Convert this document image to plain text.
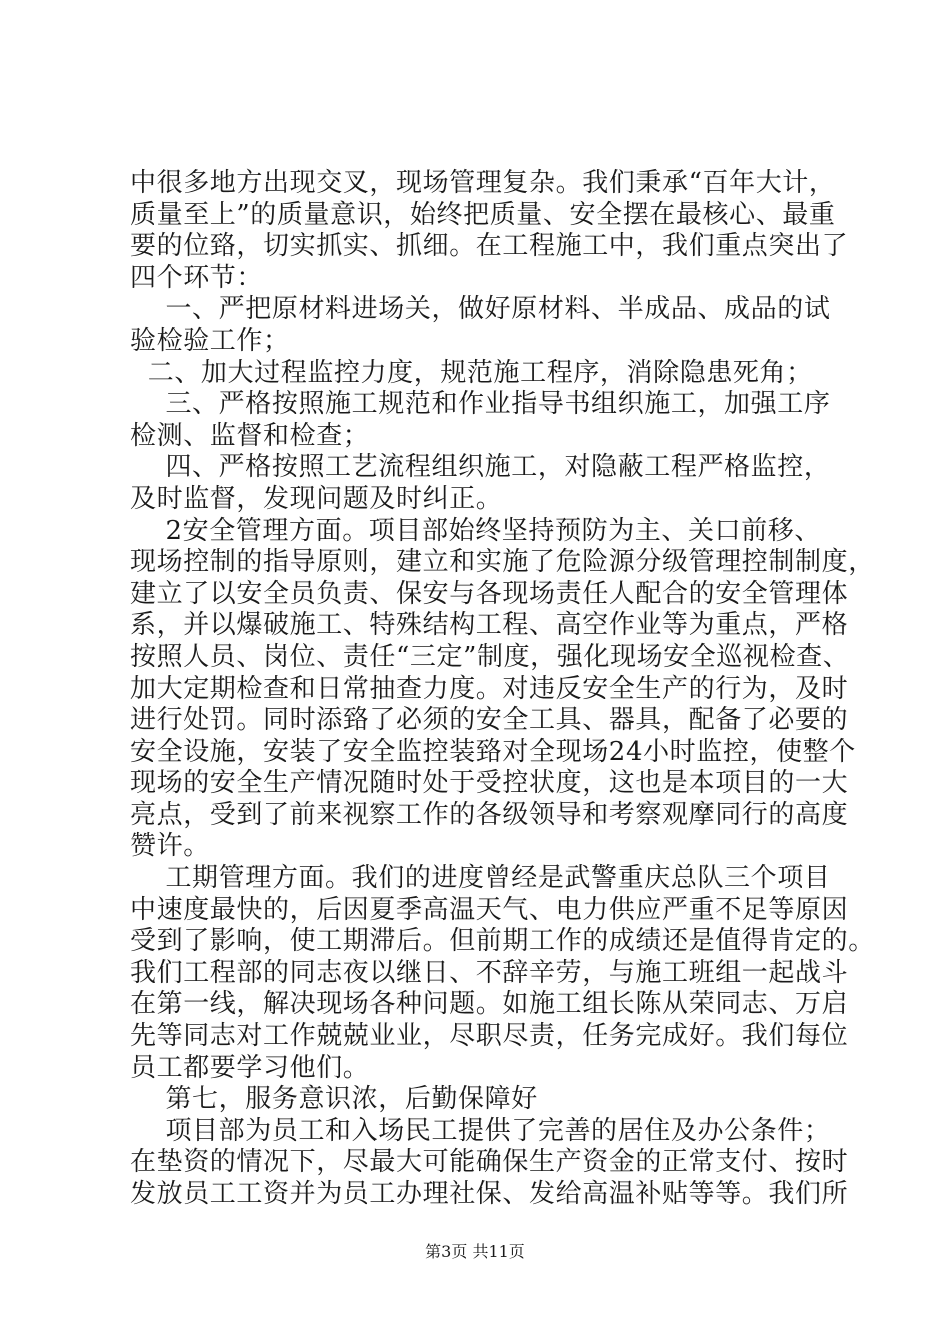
中很多地方出现交叉，现场管理复杂。我们秉承“百年大计，
质量至上”的质量意识，始终把质量、安全摆在最核心、最重
要的位臵，切实抓实、抓细。在工程施工中，我们重点突出了
四个环节：
一、严把原材料进场关，做好原材料、半成品、成品的试
验检验工作；
二、加大过程监控力度，规范施工程序，消除隐患死角；
三、严格按照施工规范和作业指导书组织施工，加强工序
检测、监督和检查；
四、严格按照工艺流程组织施工，对隐蔽工程严格监控，
及时监督，发现问题及时纠正。
2安全管理方面。项目部始终坚持预防为主、关口前移、
现场控制的指导原则，建立和实施了危险源分级管理控制制度，
建立了以安全员负责、保安与各现场责任人配合的安全管理体
系，并以爆破施工、特殊结构工程、高空作业等为重点，严格
按照人员、岗位、责任“三定”制度，强化现场安全巡视检查、
加大定期检查和日常抽查力度。对违反安全生产的行为，及时
进行处罚。同时添臵了必须的安全工具、器具，配备了必要的
安全设施，安装了安全监控装臵对全现场24小时监控，使整个
现场的安全生产情况随时处于受控状度，这也是本项目的一大
亮点，受到了前来视察工作的各级领导和考察观摩同行的高度
赞许。
工期管理方面。我们的进度曾经是武警重庆总队三个项目
中速度最快的，后因夏季高温天气、电力供应严重不足等原因
受到了影响，使工期滞后。但前期工作的成绩还是值得肯定的。
我们工程部的同志夜以继日、不辞辛劳，与施工班组一起战斗
在第一线，解决现场各种问题。如施工组长陈从荣同志、万启
先等同志对工作兢兢业业，尽职尽责，任务完成好。我们每位
员工都要学习他们。
第七，服务意识浓，后勤保障好
项目部为员工和入场民工提供了完善的居住及办公条件；
在垫资的情况下，尽最大可能确保生产资金的正常支付、按时
发放员工工资并为员工办理社保、发给高温补贴等等。我们所
第3页 共11页
